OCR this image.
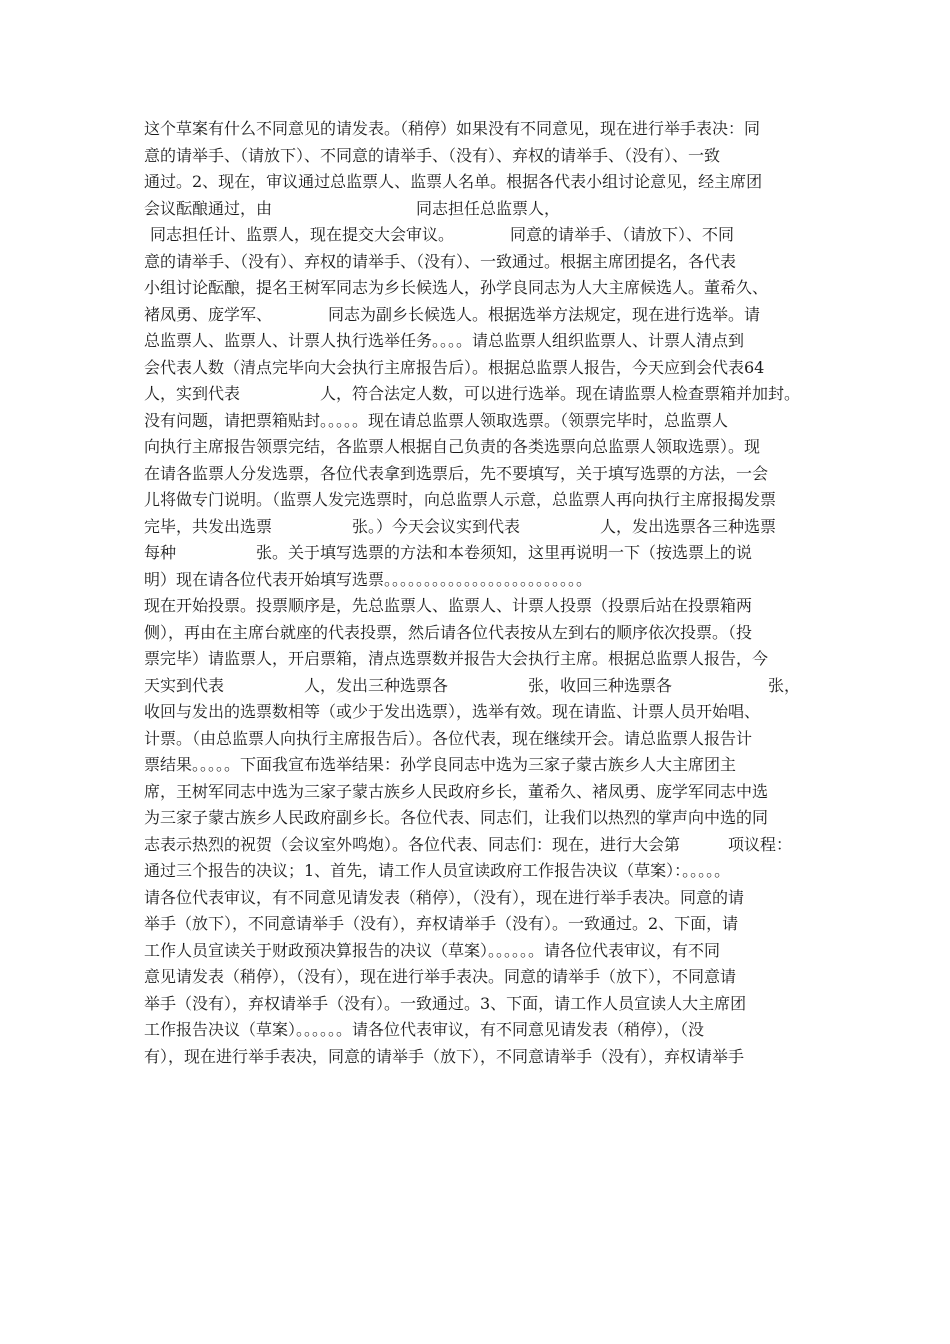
这个草案有什么不同意见的请发表。（稍停）如果没有不同意见，现在进行举手表决：同
意的请举手、（请放下）、不同意的请举手、（没有）、弃权的请举手、（没有）、一致
通过。2、现在，审议通过总监票人、监票人名单。根据各代表小组讨论意见，经主席团
会议酝酿通过，由　　　　　　　　　同志担任总监票人，
同志担任计、监票人，现在提交大会审议。　　　　同意的请举手、（请放下）、不同
意的请举手、（没有）、弃权的请举手、（没有）、一致通过。根据主席团提名，各代表
小组讨论酝酿，提名王树军同志为乡长候选人，孙学良同志为人大主席候选人。董希久、
褚凤勇、庞学军、　　　　同志为副乡长候选人。根据选举方法规定，现在进行选举。请
总监票人、监票人、计票人执行选举任务。。。。请总监票人组织监票人、计票人清点到
会代表人数（清点完毕向大会执行主席报告后）。根据总监票人报告，今天应到会代表64
人，实到代表　　　　　人，符合法定人数，可以进行选举。现在请监票人检查票箱并加封。
没有问题，请把票箱贴封。。。。。现在请总监票人领取选票。（领票完毕时，总监票人
向执行主席报告领票完结，各监票人根据自己负责的各类选票向总监票人领取选票）。现
在请各监票人分发选票，各位代表拿到选票后，先不要填写，关于填写选票的方法，一会
儿将做专门说明。（监票人发完选票时，向总监票人示意，总监票人再向执行主席报揭发票
完毕，共发出选票　　　　　张。）今天会议实到代表　　　　　人，发出选票各三种选票
每种　　　　　张。关于填写选票的方法和本卷须知，这里再说明一下（按选票上的说
明）现在请各位代表开始填写选票。。。。。。。。。。。。。。。。。。。。。。。。。
现在开始投票。投票顺序是，先总监票人、监票人、计票人投票（投票后站在投票箱两
侧），再由在主席台就座的代表投票，然后请各位代表按从左到右的顺序依次投票。（投
票完毕）请监票人，开启票箱，清点选票数并报告大会执行主席。根据总监票人报告，今
天实到代表　　　　　人，发出三种选票各　　　　　张，收回三种选票各　　　　　　张，
收回与发出的选票数相等（或少于发出选票），选举有效。现在请监、计票人员开始唱、
计票。（由总监票人向执行主席报告后）。各位代表，现在继续开会。请总监票人报告计
票结果。。。。。下面我宣布选举结果：孙学良同志中选为三家子蒙古族乡人大主席团主
席，王树军同志中选为三家子蒙古族乡人民政府乡长，董希久、褚凤勇、庞学军同志中选
为三家子蒙古族乡人民政府副乡长。各位代表、同志们，让我们以热烈的掌声向中选的同
志表示热烈的祝贺（会议室外鸣炮）。各位代表、同志们：现在，进行大会第　　　项议程：
通过三个报告的决议；1、首先，请工作人员宣读政府工作报告决议（草案）：。。。。。
请各位代表审议，有不同意见请发表（稍停），（没有），现在进行举手表决。同意的请
举手（放下），不同意请举手（没有），弃权请举手（没有）。一致通过。2、下面，请
工作人员宣读关于财政预决算报告的决议（草案）。。。。。。请各位代表审议，有不同
意见请发表（稍停），（没有），现在进行举手表决。同意的请举手（放下），不同意请
举手（没有），弃权请举手（没有）。一致通过。3、下面，请工作人员宣读人大主席团
工作报告决议（草案）。。。。。。请各位代表审议，有不同意见请发表（稍停），（没
有），现在进行举手表决，同意的请举手（放下），不同意请举手（没有），弃权请举手
